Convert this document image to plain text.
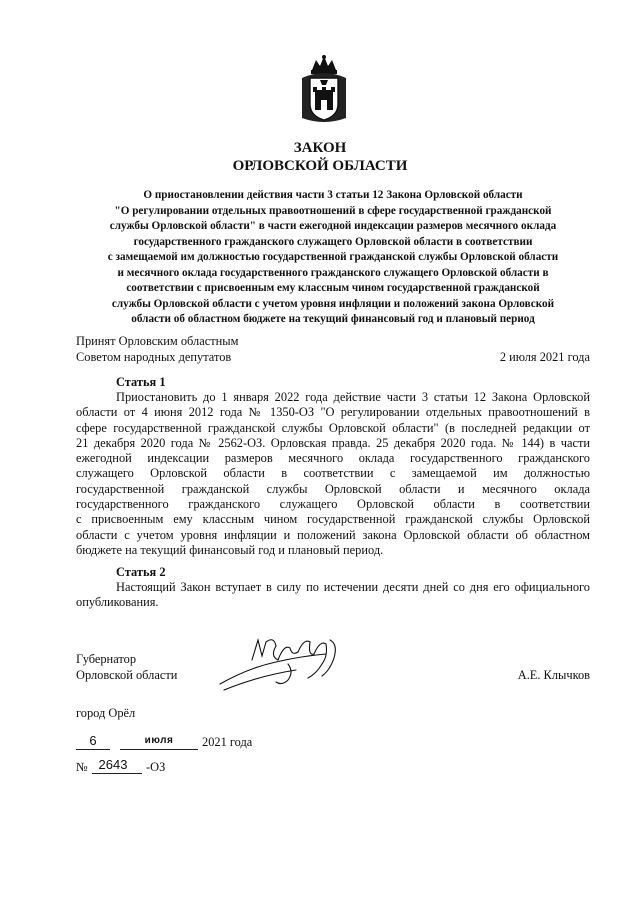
ЗАКОН
ОРЛОВСКОЙ ОБЛАСТИ
О приостановлении действия части 3 статьи 12 Закона Орловской области
"О регулировании отдельных правоотношений в сфере государственной гражданской
службы Орловской области" в части ежегодной индексации размеров месячного оклада
государственного гражданского служащего Орловской области в соответствии
с замещаемой им должностью государственной гражданской службы Орловской области
и месячного оклада государственного гражданского служащего Орловской области в
соответствии с присвоенным ему классным чином государственной гражданской
службы Орловской области с учетом уровня инфляции и положений закона Орловской
области об областном бюджете на текущий финансовый год и плановый период
Принят Орловским областным
Советом народных депутатов	2 июля 2021 года
Статья 1
Приостановить до 1 января 2022 года действие части 3 статьи 12 Закона Орловской
области от 4 июня 2012 года № 1350-ОЗ "О регулировании отдельных правоотношений в
сфере государственной гражданской службы Орловской области" (в последней редакции от
21 декабря 2020 года № 2562-ОЗ. Орловская правда. 25 декабря 2020 года. № 144) в части
ежегодной индексации размеров месячного оклада государственного гражданского
служащего Орловской области в соответствии с замещаемой им должностью
государственной гражданской службы Орловской области и месячного оклада
государственного гражданского служащего Орловской области в соответствии
с присвоенным ему классным чином государственной гражданской службы Орловской
области с учетом уровня инфляции и положений закона Орловской области об областном
бюджете на текущий финансовый год и плановый период.
Статья 2
Настоящий Закон вступает в силу по истечении десяти дней со дня его официального
опубликования.
Губернатор
Орловской области	А.Е. Клычков
город Орёл
6	июля	2021 года
№ 2643	-ОЗ
